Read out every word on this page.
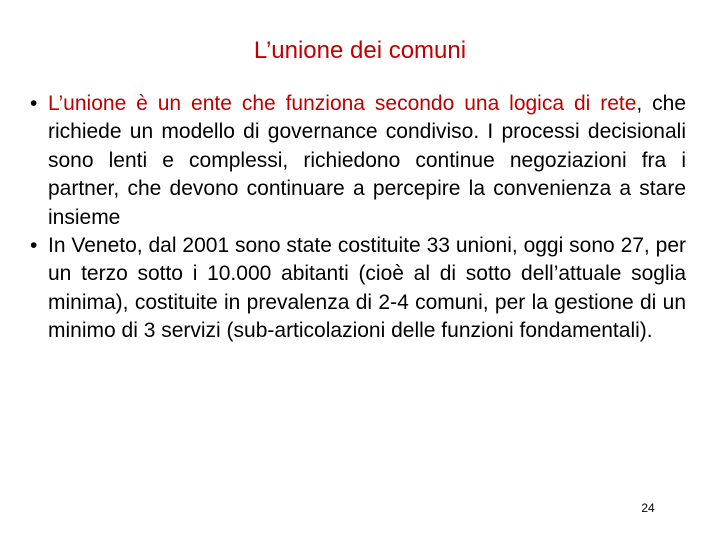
L’unione dei comuni
• L’unione è un ente che funziona secondo una logica di rete, che richiede un modello di governance condiviso. I processi decisionali sono lenti e complessi, richiedono continue negoziazioni fra i partner, che devono continuare a percepire la convenienza a stare insieme
• In Veneto, dal 2001 sono state costituite 33 unioni, oggi sono 27, per un terzo sotto i 10.000 abitanti (cioè al di sotto dell’attuale soglia minima), costituite in prevalenza di 2-4 comuni, per la gestione di un minimo di 3 servizi (sub-articolazioni delle funzioni fondamentali).
24
